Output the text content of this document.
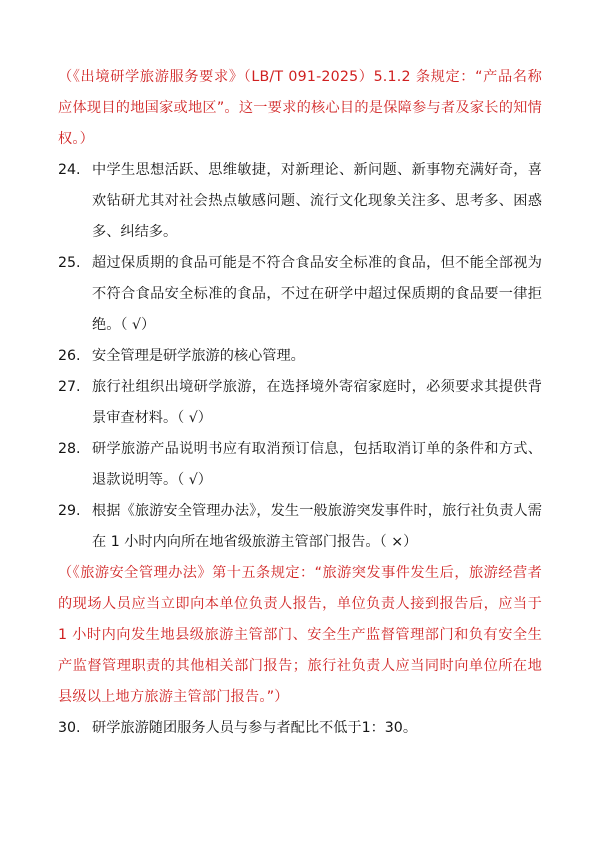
（《出境研学旅游服务要求》（LB/T 091-2025）5.1.2 条规定：“产品名称应体现目的地国家或地区”。这一要求的核心目的是保障参与者及家长的知情权。）

24. 中学生思想活跃、思维敏捷，对新理论、新问题、新事物充满好奇，喜欢钻研尤其对社会热点敏感问题、流行文化现象关注多、思考多、困惑多、纠结多。
25. 超过保质期的食品可能是不符合食品安全标准的食品，但不能全部视为不符合食品安全标准的食品，不过在研学中超过保质期的食品要一律拒绝。（ √）
26. 安全管理是研学旅游的核心管理。
27. 旅行社组织出境研学旅游，在选择境外寄宿家庭时，必须要求其提供背景审查材料。（ √）
28. 研学旅游产品说明书应有取消预订信息，包括取消订单的条件和方式、退款说明等。（ √）
29. 根据《旅游安全管理办法》，发生一般旅游突发事件时，旅行社负责人需在 1 小时内向所在地省级旅游主管部门报告。（ ×）

（《旅游安全管理办法》第十五条规定：“旅游突发事件发生后，旅游经营者的现场人员应当立即向本单位负责人报告，单位负责人接到报告后，应当于 1 小时内向发生地县级旅游主管部门、安全生产监督管理部门和负有安全生产监督管理职责的其他相关部门报告；旅行社负责人应当同时向单位所在地县级以上地方旅游主管部门报告。”）

30. 研学旅游随团服务人员与参与者配比不低于1：30。
